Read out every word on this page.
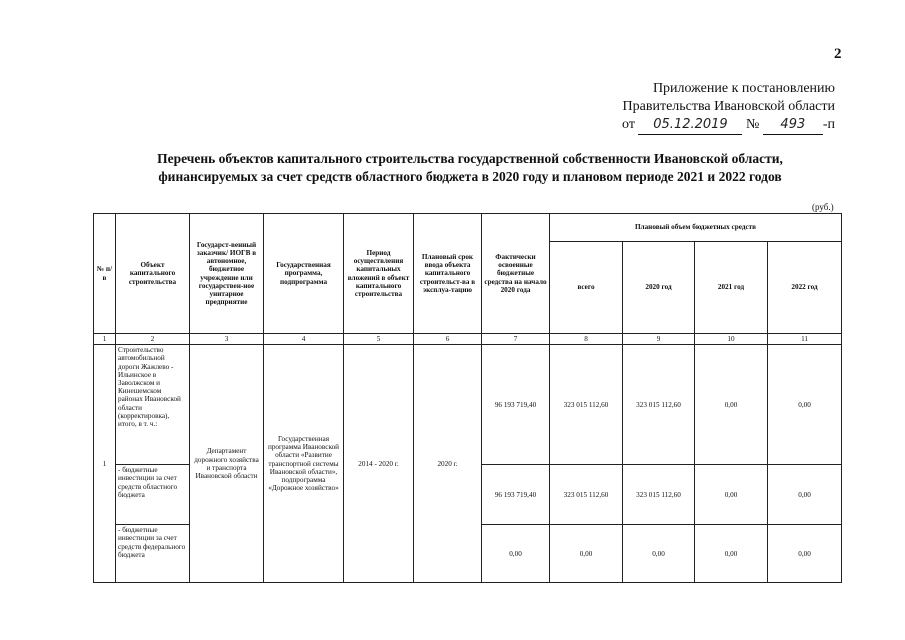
2
Приложение к постановлению
Правительства Ивановской области
от 05.12.2019 № 493 -п
Перечень объектов капитального строительства государственной собственности Ивановской области,
финансируемых за счет средств областного бюджета в 2020 году и плановом периоде 2021 и 2022 годов
(руб.)
№ п/в	Объект капитального строительства	Государст-венный заказчик/ ИОГВ в автономное, бюджетное учреждение или государствен-ное унитарное предприятие	Государственная программа, подпрограмма	Период осуществления капитальных вложений в объект капитального строительства	Плановый срок ввода объекта капитального строительст-ва в эксплуа-тацию	Фактически освоенные бюджетные средства на начало 2020 года	Плановый объем бюджетных средств			
							всего	2020 год	2021 год	2022 год
1	2	3	4	5	6	7	8	9	10	11
1	Строительство автомобильной дороги Жажлево - Ильинское в Заволжском и Кинешемском районах Ивановской области (корректировка), итого, в т. ч.:	Департамент дорожного хозяйства и транспорта Ивановской области	Государственная программа Ивановской области «Развитие транспортной системы Ивановской области», подпрограмма «Дорожное хозяйство»	2014 - 2020 г.	2020 г.	96 193 719,40	323 015 112,60	323 015 112,60	0,00	0,00
	- бюджетные инвестиции за счет средств областного бюджета					96 193 719,40	323 015 112,60	323 015 112,60	0,00	0,00
	- бюджетные инвестиции за счет средств федерального бюджета					0,00	0,00	0,00	0,00	0,00
